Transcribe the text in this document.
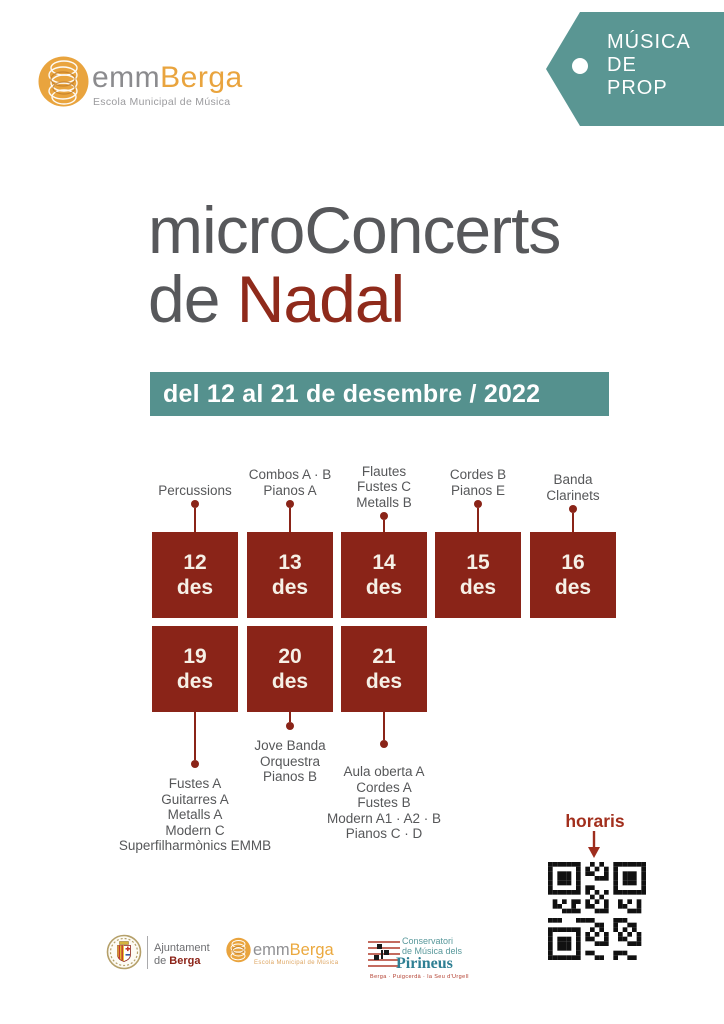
emmBerga
Escola Municipal de Música
MÚSICA
DE
PROP
microConcerts
de Nadal
del 12 al 21 de desembre / 2022
12
des
Percussions
13
des
Combos A · B
Pianos A
14
des
Flautes
Fustes C
Metalls B
15
des
Cordes B
Pianos E
16
des
Banda
Clarinets
19
des
Fustes A
Guitarres A
Metalls A
Modern C
Superfilharmònics EMMB
20
des
Jove Banda
Orquestra
Pianos B
21
des
Aula oberta A
Cordes A
Fustes B
Modern A1 · A2 · B
Pianos C · D
horaris
Ajuntament
de Berga
emmBerga
Escola Municipal de Música
Conservatori
de Música dels
Pirineus
Berga · Puigcerdà · la Seu d'Urgell
